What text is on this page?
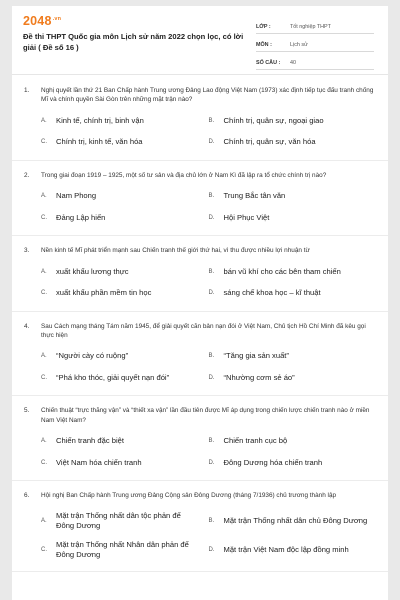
$2048^{.vn}$
Đề thi THPT Quốc gia môn Lịch sử năm 2022 chọn lọc, có lời giải ( Đề số 16 )
LỚP :	Tốt nghiệp THPT
MÔN :	Lịch sử
SỐ CÂU :	40
1.	Nghị quyết lần thứ 21 Ban Chấp hành Trung ương Đảng Lao động Việt Nam (1973) xác định tiếp tục đấu tranh chống Mĩ và chính quyền Sài Gòn trên những mặt trận nào?
A.	Kinh tế, chính trị, binh vận	B.	Chính trị, quân sự, ngoại giao
C.	Chính trị, kinh tế, văn hóa	D.	Chính trị, quân sự, văn hóa
2.	Trong giai đoạn 1919 – 1925, một số tư sản và địa chủ lớn ở Nam Kì đã lập ra tổ chức chính trị nào?
A.	Nam Phong	B.	Trung Bắc tân văn
C.	Đảng Lập hiến	D.	Hội Phục Việt
3.	Nền kinh tế Mĩ phát triển mạnh sau Chiến tranh thế giới thứ hai, vì thu được nhiều lợi nhuận từ
A.	xuất khẩu lương thực	B.	bán vũ khí cho các bên tham chiến
C.	xuất khẩu phần mềm tin học	D.	sáng chế khoa học – kĩ thuật
4.	Sau Cách mạng tháng Tám năm 1945, để giải quyết căn bản nạn đói ở Việt Nam, Chủ tịch Hồ Chí Minh đã kêu gọi thực hiện
A.	“Người cày có ruộng”	B.	“Tăng gia sản xuất”
C.	“Phá kho thóc, giải quyết nạn đói”	D.	“Nhường cơm sẻ áo”
5.	Chiến thuật “trực thăng vận” và “thiết xa vận” lần đầu tiên được Mĩ áp dụng trong chiến lược chiến tranh nào ở miền Nam Việt Nam?
A.	Chiến tranh đặc biệt	B.	Chiến tranh cục bộ
C.	Việt Nam hóa chiến tranh	D.	Đông Dương hóa chiến tranh
6.	Hội nghị Ban Chấp hành Trung ương Đảng Cộng sản Đông Dương (tháng 7/1936) chủ trương thành lập
A.
Mặt trận Thống nhất dân tộc phản đế Đông Dương
B.	Mặt trận Thống nhất dân chủ Đông Dương
C.
Mặt trận Thống nhất Nhân dân phản đế Đông Dương
D.	Mặt trận Việt Nam độc lập đồng minh
